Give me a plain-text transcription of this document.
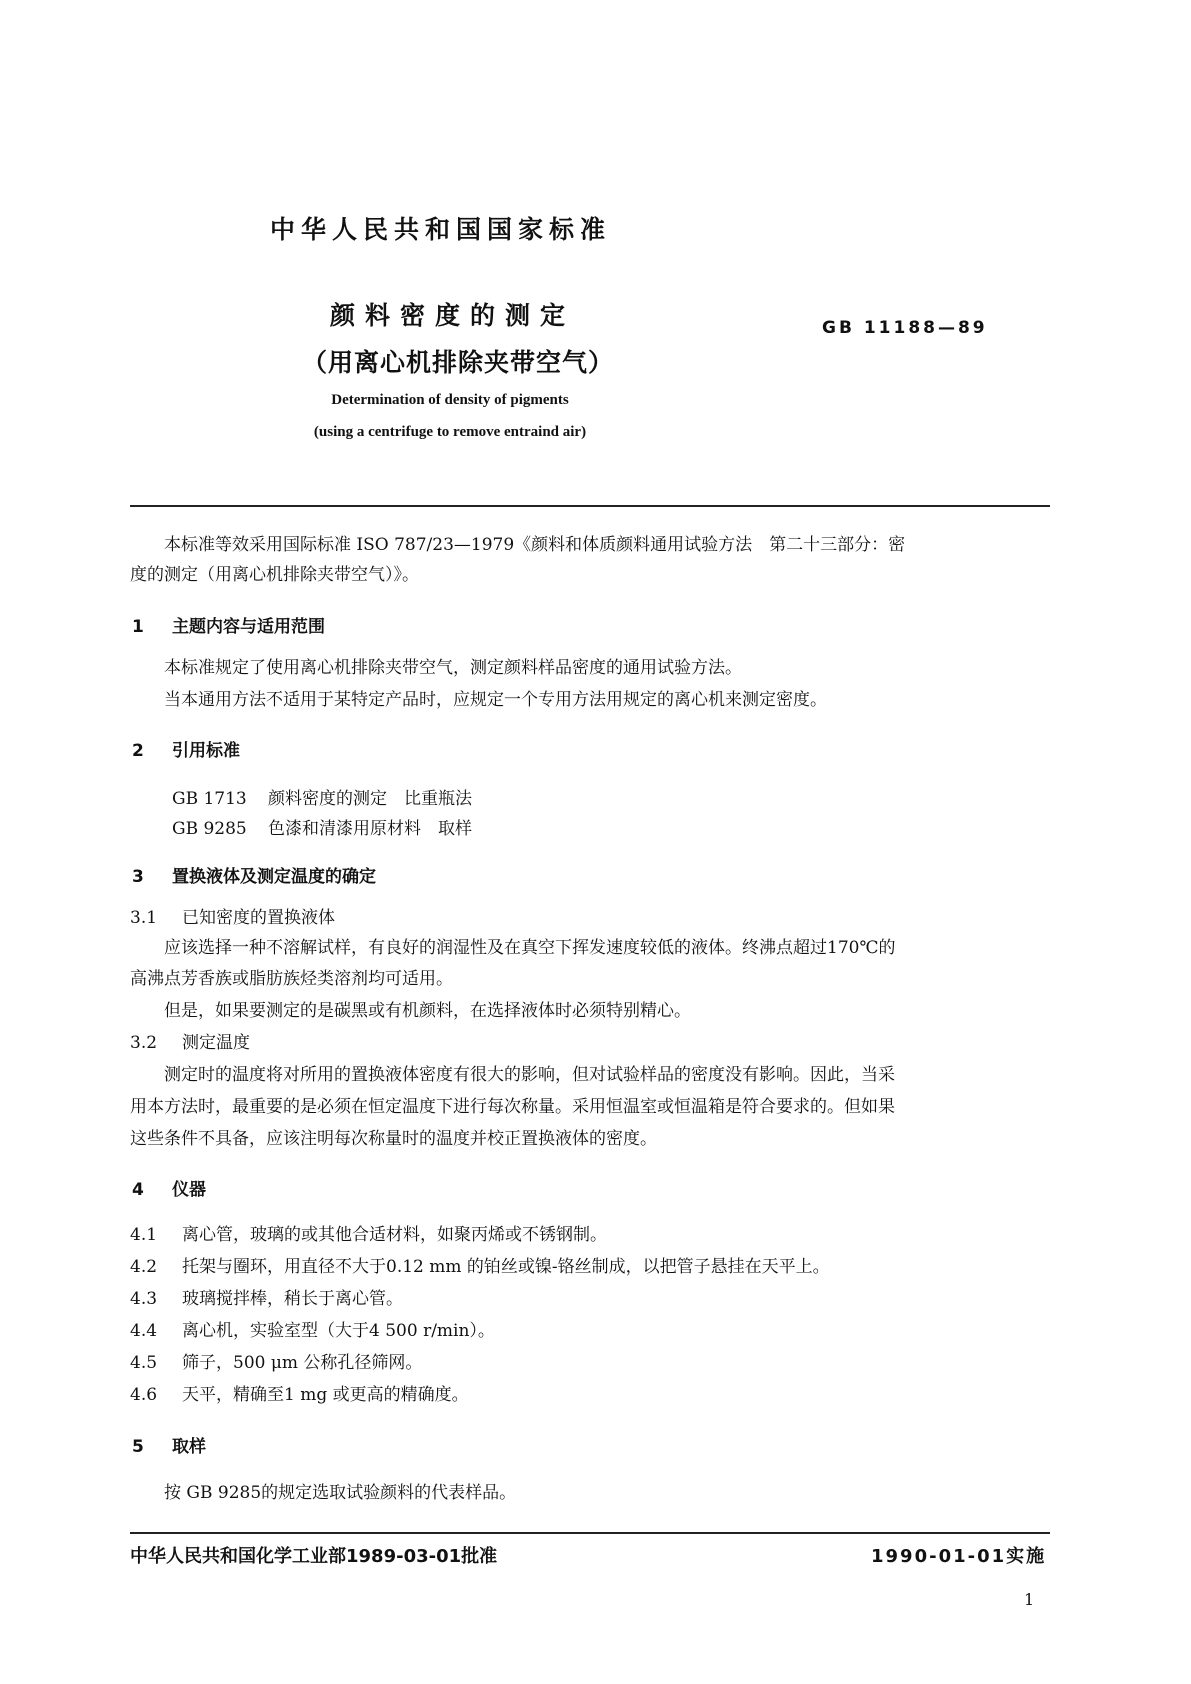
中华人民共和国国家标准
颜料密度的测定
（用离心机排除夹带空气）
GB 11188—89
Determination of density of pigments
(using a centrifuge to remove entraind air)
本标准等效采用国际标准 ISO 787/23—1979《颜料和体质颜料通用试验方法　第二十三部分：密
度的测定（用离心机排除夹带空气）》。
1 主题内容与适用范围
本标准规定了使用离心机排除夹带空气，测定颜料样品密度的通用试验方法。
当本通用方法不适用于某特定产品时，应规定一个专用方法用规定的离心机来测定密度。
2 引用标准
GB 1713 颜料密度的测定　比重瓶法
GB 9285 色漆和清漆用原材料　取样
3 置换液体及测定温度的确定
3.1 已知密度的置换液体
应该选择一种不溶解试样，有良好的润湿性及在真空下挥发速度较低的液体。终沸点超过170℃的
高沸点芳香族或脂肪族烃类溶剂均可适用。
但是，如果要测定的是碳黑或有机颜料，在选择液体时必须特别精心。
3.2 测定温度
测定时的温度将对所用的置换液体密度有很大的影响，但对试验样品的密度没有影响。因此，当采
用本方法时，最重要的是必须在恒定温度下进行每次称量。采用恒温室或恒温箱是符合要求的。但如果
这些条件不具备，应该注明每次称量时的温度并校正置换液体的密度。
4 仪器
4.1 离心管，玻璃的或其他合适材料，如聚丙烯或不锈钢制。
4.2 托架与圈环，用直径不大于0.12 mm 的铂丝或镍-铬丝制成，以把管子悬挂在天平上。
4.3 玻璃搅拌棒，稍长于离心管。
4.4 离心机，实验室型（大于4 500 r/min）。
4.5 筛子，500 μm 公称孔径筛网。
4.6 天平，精确至1 mg 或更高的精确度。
5 取样
按 GB 9285的规定选取试验颜料的代表样品。
中华人民共和国化学工业部1989-03-01批准	1990-01-01实施
1
